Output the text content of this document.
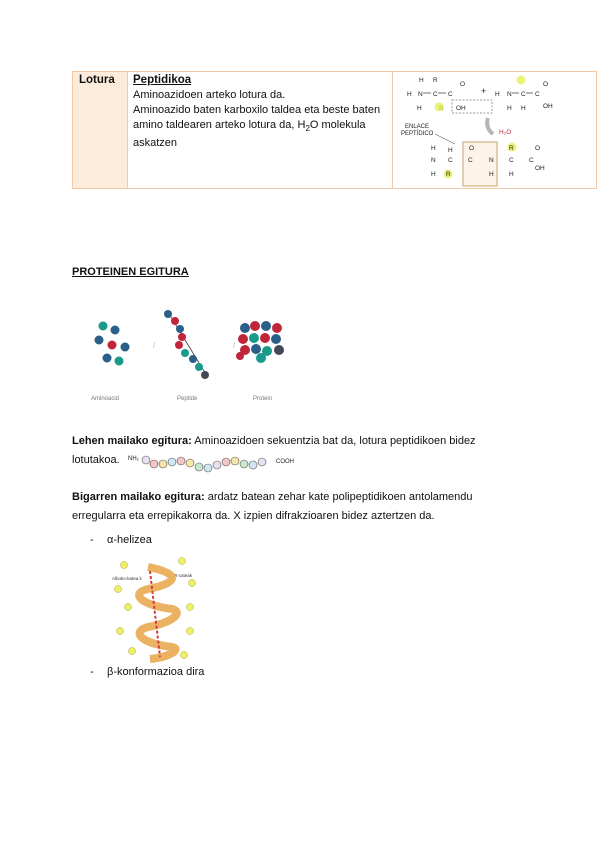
Lotura Peptidikoa
Aminoazidoen arteko lotura da.
Aminoazido baten karboxilo taldea eta beste baten amino taldearen arteko lotura da, $H_2O$ molekula askatzen
H R
H N C C
H	OH
O
+ H N C C
H H	OH
O
H₂O
ENLACE
PEPTÍDICO
H H
N C C	N C C
H R	H H
OH
O	R	O
PROTEINEN EGITURA
/	/
Aminoacid	Peptide	Protein
Lehen mailako egitura: Aminoazidoen sekuentzia bat da, lotura peptidikoen bidez
lotutakoa.	NH₂	COOH
Bigarren mailako egitura: ardatz batean zehar kate polipeptidikoen antolamendu
erregularra eta errepikakorra da. X izpien difrakzioaren bidez aztertzen da.
- α-helizea
Alboko-katea k
R-cateak
- β-konformazioa dira
